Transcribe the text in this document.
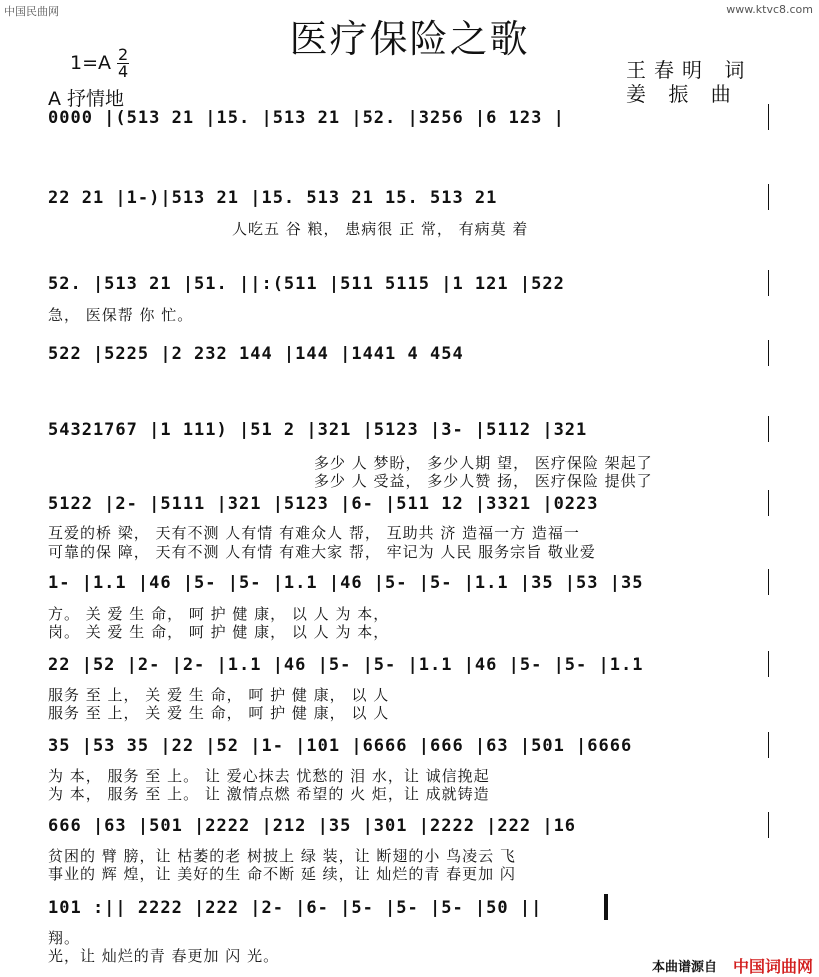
中国民曲网	www.ktvc8.com
医疗保险之歌
$1=A \frac{2}{4}$
A 抒情地
王春明 词
姜 振 曲
0000 |(513 21 |15. |513 21 |52. |3256 |6 123 |
22 21 |1-)|513 21 |15. 513 21 15. 513 21
人吃五 谷 粮， 患病很 正 常， 有病莫 着
52. |513 21 |51. ||:(511 |511 5115 |1 121 |522
急， 医保帮 你 忙。
522 |5225 |2 232 144 |144 |1441 4 454
54321767 |1 111) |51 2 |321 |5123 |3- |5112 |321
多少 人 梦盼， 多少人期 望， 医疗保险 架起了
多少 人 受益， 多少人赞 扬， 医疗保险 提供了
5122 |2- |5111 |321 |5123 |6- |511 12 |3321 |0223
互爱的桥 梁， 天有不测 人有情 有难众人 帮， 互助共 济 造福一方 造福一
可靠的保 障， 天有不测 人有情 有难大家 帮， 牢记为 人民 服务宗旨 敬业爱
1- |1.1 |46 |5- |5- |1.1 |46 |5- |5- |1.1 |35 |53 |35
方。 关 爱 生 命， 呵 护 健 康， 以 人 为 本，
岗。 关 爱 生 命， 呵 护 健 康， 以 人 为 本，
22 |52 |2- |2- |1.1 |46 |5- |5- |1.1 |46 |5- |5- |1.1
服务 至 上， 关 爱 生 命， 呵 护 健 康， 以 人
服务 至 上， 关 爱 生 命， 呵 护 健 康， 以 人
35 |53 35 |22 |52 |1- |101 |6666 |666 |63 |501 |6666
为 本， 服务 至 上。 让 爱心抹去 忧愁的 泪 水，让 诚信挽起
为 本， 服务 至 上。 让 激情点燃 希望的 火 炬，让 成就铸造
666 |63 |501 |2222 |212 |35 |301 |2222 |222 |16
贫困的 臂 膀，让 枯萎的老 树披上 绿 装，让 断翅的小 鸟凌云 飞
事业的 辉 煌，让 美好的生 命不断 延 续，让 灿烂的青 春更加 闪
101 :|| 2222 |222 |2- |6- |5- |5- |5- |50 ||
翔。
光，让 灿烂的青 春更加 闪 光。
本曲谱源自 中国词曲网
